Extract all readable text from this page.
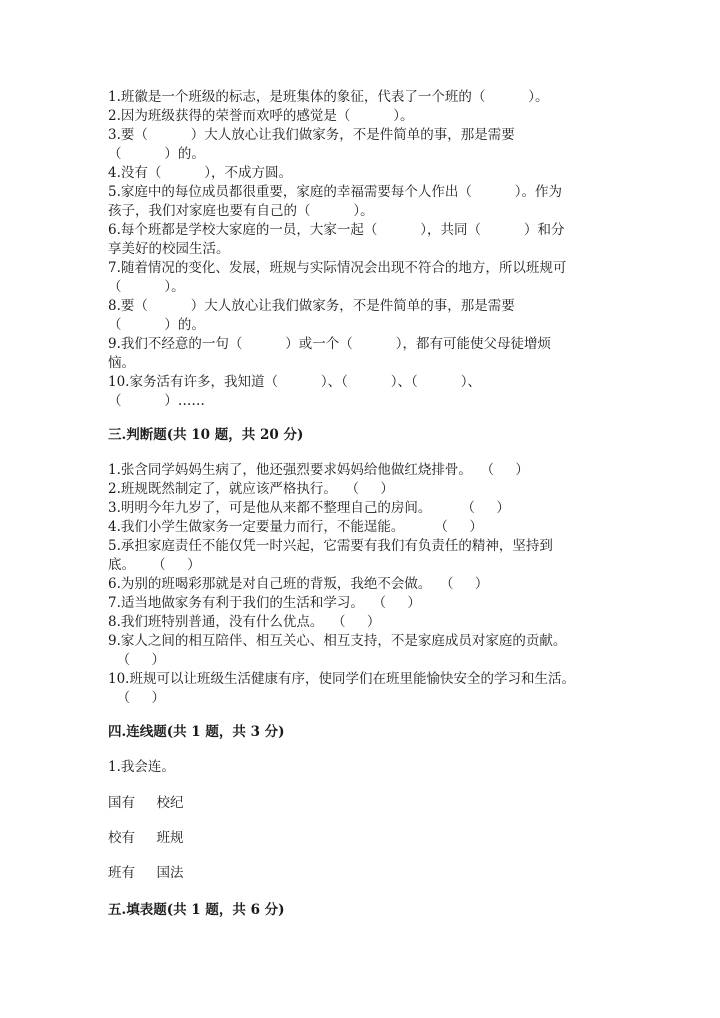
1.班徽是一个班级的标志，是班集体的象征，代表了一个班的（          ）。
2.因为班级获得的荣誉而欢呼的感觉是（          ）。
3.要（          ）大人放心让我们做家务，不是件简单的事，那是需要
（          ）的。
4.没有（          ），不成方圆。
5.家庭中的每位成员都很重要，家庭的幸福需要每个人作出（          ）。作为
孩子，我们对家庭也要有自己的（          ）。
6.每个班都是学校大家庭的一员，大家一起（          ），共同（          ）和分
享美好的校园生活。
7.随着情况的变化、发展，班规与实际情况会出现不符合的地方，所以班规可
（          ）。
8.要（          ）大人放心让我们做家务，不是件简单的事，那是需要
（          ）的。
9.我们不经意的一句（          ）或一个（          ），都有可能使父母徒增烦
恼。
10.家务活有许多，我知道（          ）、（          ）、（          ）、
（          ）……
三.判断题(共 10 题，共 20 分)
1.张含同学妈妈生病了，他还强烈要求妈妈给他做红烧排骨。  （     ）
2.班规既然制定了，就应该严格执行。  （     ）
3.明明今年九岁了，可是他从来都不整理自己的房间。       （     ）
4.我们小学生做家务一定要量力而行，不能逞能。       （     ）
5.承担家庭责任不能仅凭一时兴起，它需要有我们有负责任的精神，坚持到
底。    （     ）
6.为别的班喝彩那就是对自己班的背叛，我绝不会做。  （     ）
7.适当地做家务有利于我们的生活和学习。  （     ）
8.我们班特别普通，没有什么优点。  （     ）
9.家人之间的相互陪伴、相互关心、相互支持，不是家庭成员对家庭的贡献。
（     ）
10.班规可以让班级生活健康有序，使同学们在班里能愉快安全的学习和生活。
（     ）
四.连线题(共 1 题，共 3 分)
1.我会连。
国有     校纪
校有     班规
班有     国法
五.填表题(共 1 题，共 6 分)
